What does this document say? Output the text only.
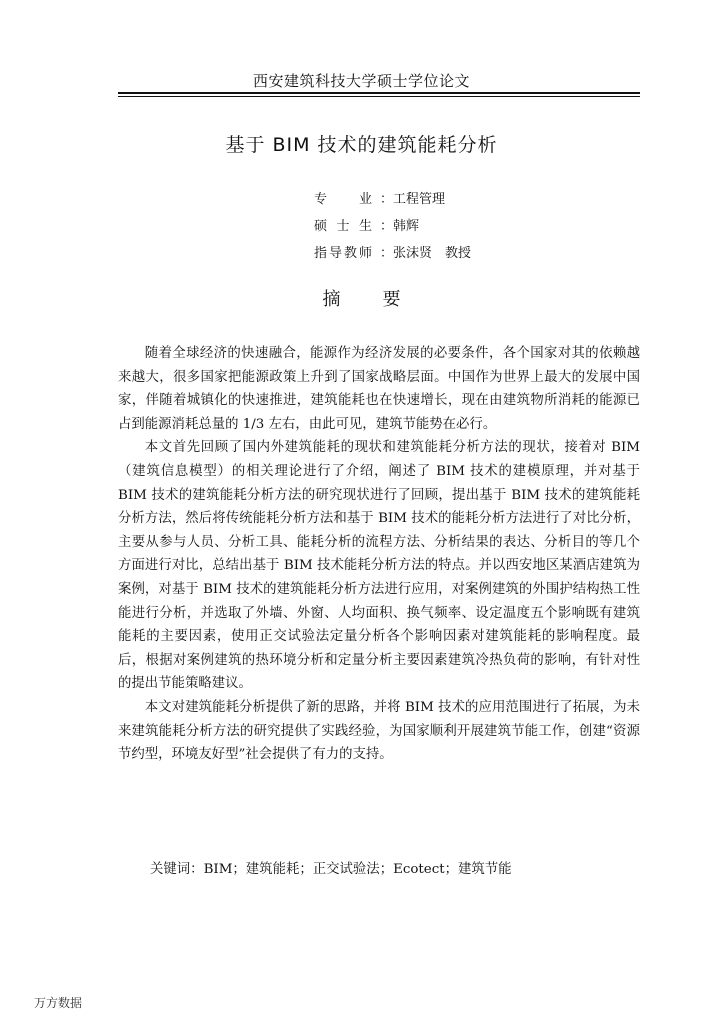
西安建筑科技大学硕士学位论文
基于 BIM 技术的建筑能耗分析
专业 ：工程管理
硕士生 ：韩辉
指导教师 ：张沫贤　教授
摘　要

随着全球经济的快速融合，能源作为经济发展的必要条件，各个国家对其的依赖越来越大，很多国家把能源政策上升到了国家战略层面。中国作为世界上最大的发展中国家，伴随着城镇化的快速推进，建筑能耗也在快速增长，现在由建筑物所消耗的能源已占到能源消耗总量的 1/3 左右，由此可见，建筑节能势在必行。

本文首先回顾了国内外建筑能耗的现状和建筑能耗分析方法的现状，接着对 BIM（建筑信息模型）的相关理论进行了介绍，阐述了 BIM 技术的建模原理，并对基于 BIM 技术的建筑能耗分析方法的研究现状进行了回顾，提出基于 BIM 技术的建筑能耗分析方法，然后将传统能耗分析方法和基于 BIM 技术的能耗分析方法进行了对比分析，主要从参与人员、分析工具、能耗分析的流程方法、分析结果的表达、分析目的等几个方面进行对比，总结出基于 BIM 技术能耗分析方法的特点。并以西安地区某酒店建筑为案例，对基于 BIM 技术的建筑能耗分析方法进行应用，对案例建筑的外围护结构热工性能进行分析，并选取了外墙、外窗、人均面积、换气频率、设定温度五个影响既有建筑能耗的主要因素，使用正交试验法定量分析各个影响因素对建筑能耗的影响程度。最后，根据对案例建筑的热环境分析和定量分析主要因素建筑冷热负荷的影响，有针对性的提出节能策略建议。

本文对建筑能耗分析提供了新的思路，并将 BIM 技术的应用范围进行了拓展，为未来建筑能耗分析方法的研究提供了实践经验，为国家顺利开展建筑节能工作，创建“资源节约型，环境友好型”社会提供了有力的支持。

关键词：BIM；建筑能耗；正交试验法；Ecotect；建筑节能
万方数据
